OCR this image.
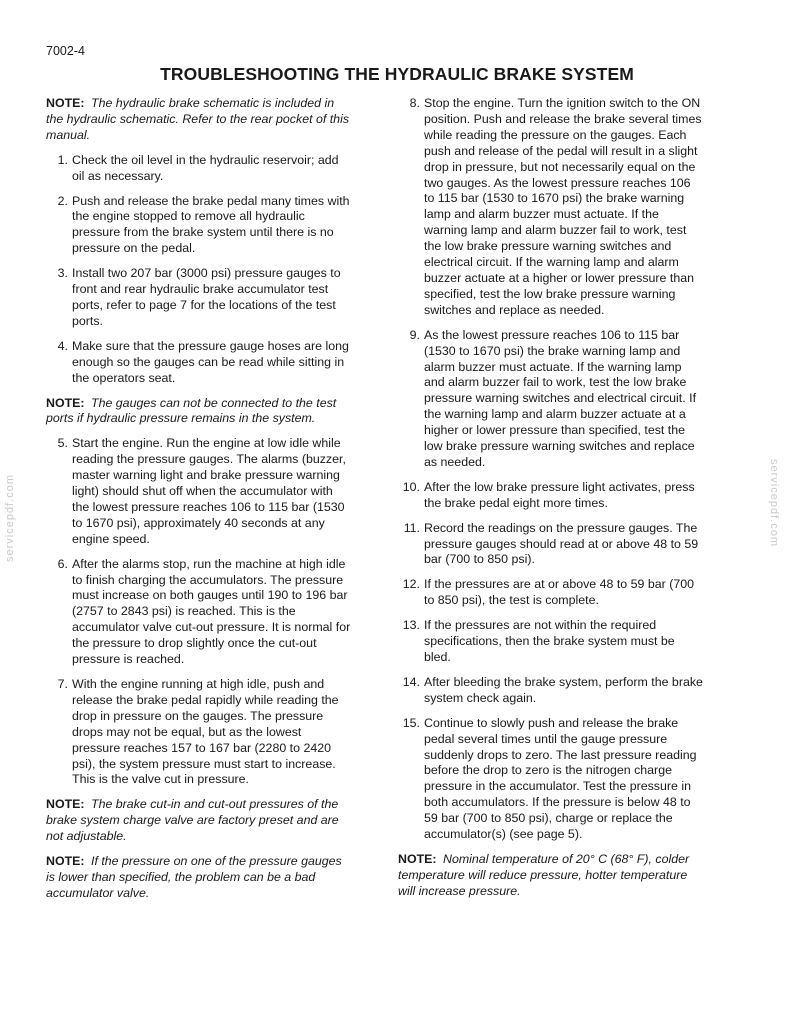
7002-4
TROUBLESHOOTING THE HYDRAULIC BRAKE SYSTEM

NOTE: The hydraulic brake schematic is included in the hydraulic schematic. Refer to the rear pocket of this manual.

1. Check the oil level in the hydraulic reservoir; add oil as necessary.
2. Push and release the brake pedal many times with the engine stopped to remove all hydraulic pressure from the brake system until there is no pressure on the pedal.
3. Install two 207 bar (3000 psi) pressure gauges to front and rear hydraulic brake accumulator test ports, refer to page 7 for the locations of the test ports.
4. Make sure that the pressure gauge hoses are long enough so the gauges can be read while sitting in the operators seat.

NOTE: The gauges can not be connected to the test ports if hydraulic pressure remains in the system.

5. Start the engine. Run the engine at low idle while reading the pressure gauges. The alarms (buzzer, master warning light and brake pressure warning light) should shut off when the accumulator with the lowest pressure reaches 106 to 115 bar (1530 to 1670 psi), approximately 40 seconds at any engine speed.
6. After the alarms stop, run the machine at high idle to finish charging the accumulators. The pressure must increase on both gauges until 190 to 196 bar (2757 to 2843 psi) is reached. This is the accumulator valve cut-out pressure. It is normal for the pressure to drop slightly once the cut-out pressure is reached.
7. With the engine running at high idle, push and release the brake pedal rapidly while reading the drop in pressure on the gauges. The pressure drops may not be equal, but as the lowest pressure reaches 157 to 167 bar (2280 to 2420 psi), the system pressure must start to increase. This is the valve cut in pressure.

NOTE: The brake cut-in and cut-out pressures of the brake system charge valve are factory preset and are not adjustable.

NOTE: If the pressure on one of the pressure gauges is lower than specified, the problem can be a bad accumulator valve.

8. Stop the engine. Turn the ignition switch to the ON position. Push and release the brake several times while reading the pressure on the gauges. Each push and release of the pedal will result in a slight drop in pressure, but not necessarily equal on the two gauges. As the lowest pressure reaches 106 to 115 bar (1530 to 1670 psi) the brake warning lamp and alarm buzzer must actuate. If the warning lamp and alarm buzzer fail to work, test the low brake pressure warning switches and electrical circuit. If the warning lamp and alarm buzzer actuate at a higher or lower pressure than specified, test the low brake pressure warning switches and replace as needed.
9. As the lowest pressure reaches 106 to 115 bar (1530 to 1670 psi) the brake warning lamp and alarm buzzer must actuate. If the warning lamp and alarm buzzer fail to work, test the low brake pressure warning switches and electrical circuit. If the warning lamp and alarm buzzer actuate at a higher or lower pressure than specified, test the low brake pressure warning switches and replace as needed.
10. After the low brake pressure light activates, press the brake pedal eight more times.
11. Record the readings on the pressure gauges. The pressure gauges should read at or above 48 to 59 bar (700 to 850 psi).
12. If the pressures are at or above 48 to 59 bar (700 to 850 psi), the test is complete.
13. If the pressures are not within the required specifications, then the brake system must be bled.
14. After bleeding the brake system, perform the brake system check again.
15. Continue to slowly push and release the brake pedal several times until the gauge pressure suddenly drops to zero. The last pressure reading before the drop to zero is the nitrogen charge pressure in the accumulator. Test the pressure in both accumulators. If the pressure is below 48 to 59 bar (700 to 850 psi), charge or replace the accumulator(s) (see page 5).

NOTE: Nominal temperature of 20° C (68° F), colder temperature will reduce pressure, hotter temperature will increase pressure.

servicepdf.com	servicepdf.com
